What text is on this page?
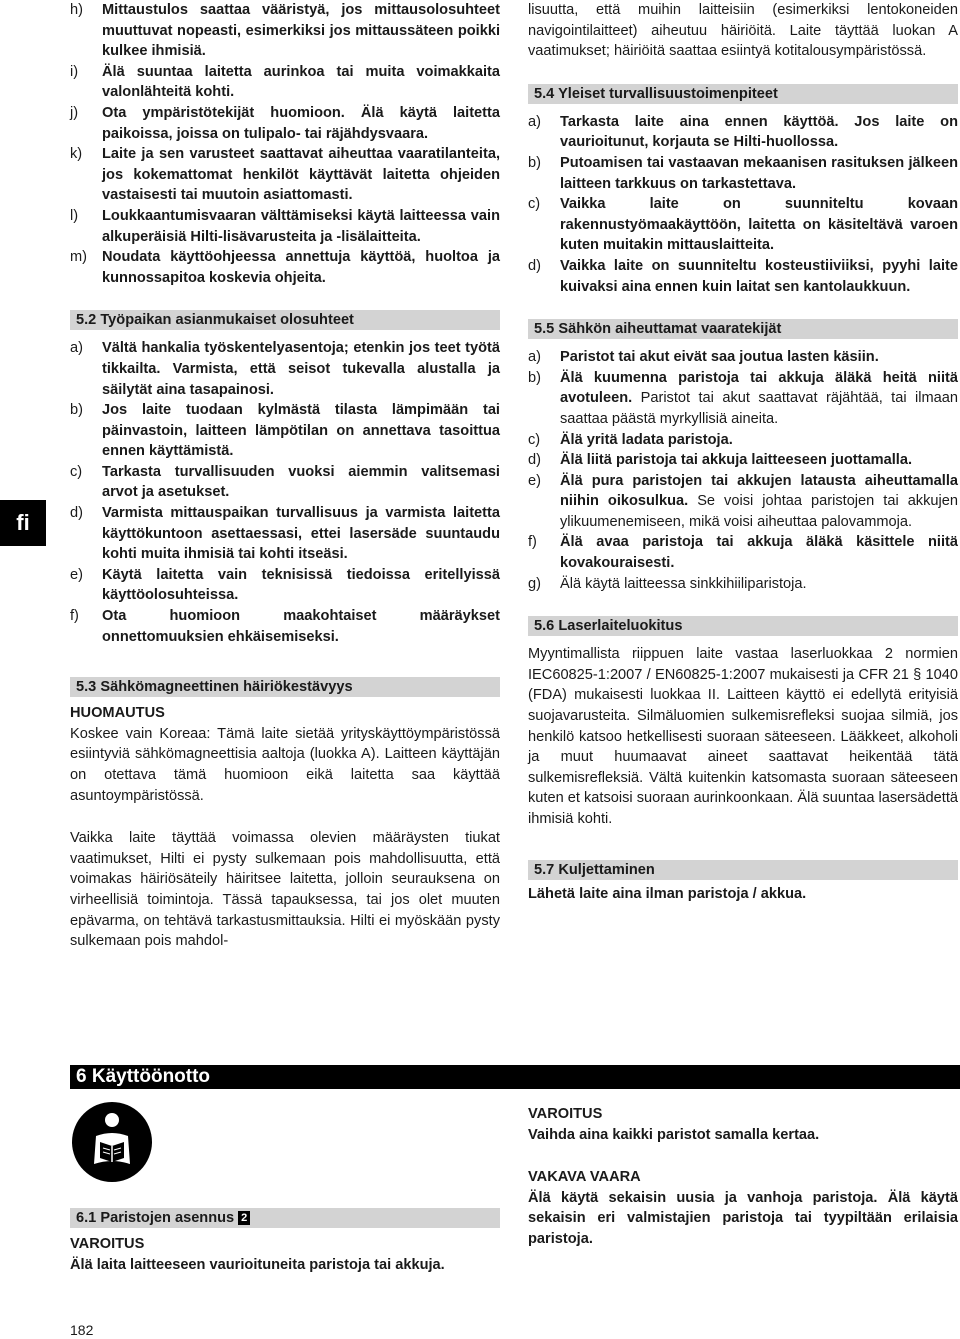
fi
h)	Mittaustulos saattaa vääristyä, jos mittausolosuhteet muuttuvat nopeasti, esimerkiksi jos mittaussäteen poikki kulkee ihmisiä.
i)	Älä suuntaa laitetta aurinkoa tai muita voimakkaita valonlähteitä kohti.
j)	Ota ympäristötekijät huomioon. Älä käytä laitetta paikoissa, joissa on tulipalo- tai räjähdysvaara.
k)	Laite ja sen varusteet saattavat aiheuttaa vaaratilanteita, jos kokemattomat henkilöt käyttävät laitetta ohjeiden vastaisesti tai muutoin asiattomasti.
l)	Loukkaantumisvaaran välttämiseksi käytä laitteessa vain alkuperäisiä Hilti-lisävarusteita ja -lisälaitteita.
m)	Noudata käyttöohjeessa annettuja käyttöä, huoltoa ja kunnossapitoa koskevia ohjeita.
5.2 Työpaikan asianmukaiset olosuhteet
a)	Vältä hankalia työskentelyasentoja; etenkin jos teet työtä tikkailta. Varmista, että seisot tukevalla alustalla ja säilytät aina tasapainosi.
b)	Jos laite tuodaan kylmästä tilasta lämpimään tai päinvastoin, laitteen lämpötilan on annettava tasoittua ennen käyttämistä.
c)	Tarkasta turvallisuuden vuoksi aiemmin valitsemasi arvot ja asetukset.
d)	Varmista mittauspaikan turvallisuus ja varmista laitetta käyttökuntoon asettaessasi, ettei lasersäde suuntaudu kohti muita ihmisiä tai kohti itseäsi.
e)	Käytä laitetta vain teknisissä tiedoissa eritellyissä käyttöolosuhteissa.
f)	Ota huomioon maakohtaiset määräykset onnettomuuksien ehkäisemiseksi.
5.3 Sähkömagneettinen häiriökestävyys
HUOMAUTUS
Koskee vain Koreaa: Tämä laite sietää yrityskäyttöympäristössä esiintyviä sähkömagneettisia aaltoja (luokka A). Laitteen käyttäjän on otettava tämä huomioon eikä laitetta saa käyttää asuntoympäristössä.
Vaikka laite täyttää voimassa olevien määräysten tiukat vaatimukset, Hilti ei pysty sulkemaan pois mahdollisuutta, että voimakas häiriösäteily häiritsee laitetta, jolloin seurauksena on virheellisiä toimintoja. Tässä tapauksessa, tai jos olet muuten epävarma, on tehtävä tarkastusmittauksia. Hilti ei myöskään pysty sulkemaan pois mahdol-
lisuutta, että muihin laitteisiin (esimerkiksi lentokoneiden navigointilaitteet) aiheutuu häiriöitä. Laite täyttää luokan A vaatimukset; häiriöitä saattaa esiintyä kotitalousympäristössä.
5.4 Yleiset turvallisuustoimenpiteet
a)	Tarkasta laite aina ennen käyttöä. Jos laite on vaurioitunut, korjauta se Hilti-huollossa.
b)	Putoamisen tai vastaavan mekaanisen rasituksen jälkeen laitteen tarkkuus on tarkastettava.
c)	Vaikka laite on suunniteltu kovaan rakennustyömaakäyttöön, laitetta on käsiteltävä varoen kuten muitakin mittauslaitteita.
d)	Vaikka laite on suunniteltu kosteustiiviiksi, pyyhi laite kuivaksi aina ennen kuin laitat sen kantolaukkuun.
5.5 Sähkön aiheuttamat vaaratekijät
a)	Paristot tai akut eivät saa joutua lasten käsiin.
b)	Älä kuumenna paristoja tai akkuja äläkä heitä niitä avotuleen. Paristot tai akut saattavat räjähtää, tai ilmaan saattaa päästä myrkyllisiä aineita.
c)	Älä yritä ladata paristoja.
d)	Älä liitä paristoja tai akkuja laitteeseen juottamalla.
e)	Älä pura paristojen tai akkujen latausta aiheuttamalla niihin oikosulkua. Se voisi johtaa paristojen tai akkujen ylikuumenemiseen, mikä voisi aiheuttaa palovammoja.
f)	Älä avaa paristoja tai akkuja äläkä käsittele niitä kovakouraisesti.
g)	Älä käytä laitteessa sinkkihiiliparistoja.
5.6 Laserlaiteluokitus
Myyntimallista riippuen laite vastaa laserluokkaa 2 normien IEC60825-1:2007 / EN60825-1:2007 mukaisesti ja CFR 21 § 1040 (FDA) mukaisesti luokkaa II. Laitteen käyttö ei edellytä erityisiä suojavarusteita. Silmäluomien sulkemisrefleksi suojaa silmiä, jos henkilö katsoo hetkellisesti suoraan säteeseen. Lääkkeet, alkoholi ja muut huumaavat aineet saattavat heikentää tätä sulkemisrefleksiä. Vältä kuitenkin katsomasta suoraan säteeseen kuten et katsoisi suoraan aurinkoonkaan. Älä suuntaa lasersädettä ihmisiä kohti.
5.7 Kuljettaminen
Lähetä laite aina ilman paristoja / akkua.
6 Käyttöönotto
6.1 Paristojen asennus 2
VAROITUS
Älä laita laitteeseen vaurioituneita paristoja tai akkuja.
VAROITUS
Vaihda aina kaikki paristot samalla kertaa.
VAKAVA VAARA
Älä käytä sekaisin uusia ja vanhoja paristoja. Älä käytä sekaisin eri valmistajien paristoja tai tyypiltään erilaisia paristoja.
182
